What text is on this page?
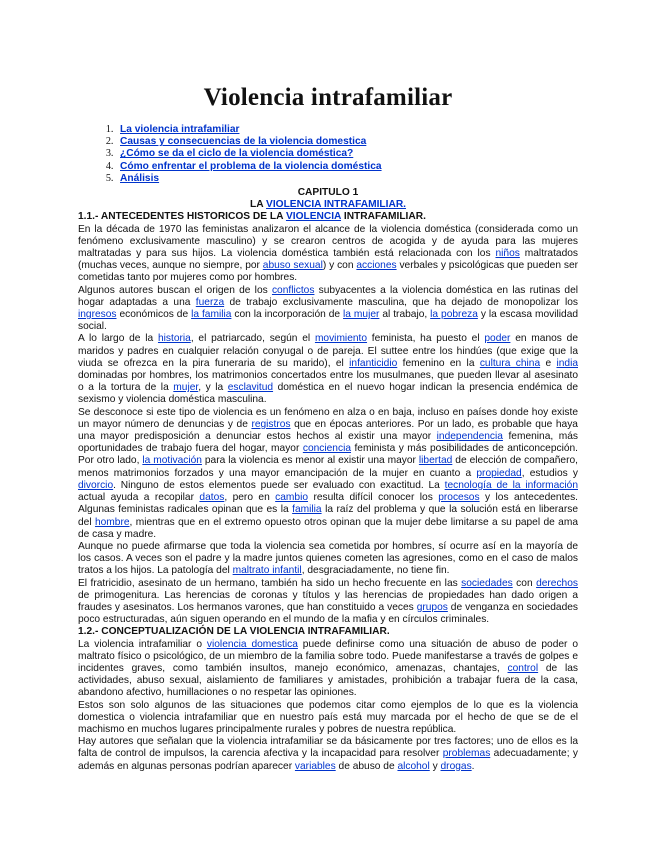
Violencia intrafamiliar
1. La violencia intrafamiliar
2. Causas y consecuencias de la violencia domestica
3. ¿Cómo se da el ciclo de la violencia doméstica?
4. Cómo enfrentar el problema de la violencia doméstica
5. Análisis
CAPITULO 1
LA VIOLENCIA INTRAFAMILIAR.
1.1.- ANTECEDENTES HISTORICOS DE LA VIOLENCIA INTRAFAMILIAR.

En la década de 1970 las feministas analizaron el alcance de la violencia doméstica (considerada como un fenómeno exclusivamente masculino) y se crearon centros de acogida y de ayuda para las mujeres maltratadas y para sus hijos. La violencia doméstica también está relacionada con los niños maltratados (muchas veces, aunque no siempre, por abuso sexual) y con acciones verbales y psicológicas que pueden ser cometidas tanto por mujeres como por hombres.

Algunos autores buscan el origen de los conflictos subyacentes a la violencia doméstica en las rutinas del hogar adaptadas a una fuerza de trabajo exclusivamente masculina, que ha dejado de monopolizar los ingresos económicos de la familia con la incorporación de la mujer al trabajo, la pobreza y la escasa movilidad social.

A lo largo de la historia, el patriarcado, según el movimiento feminista, ha puesto el poder en manos de maridos y padres en cualquier relación conyugal o de pareja. El suttee entre los hindúes (que exige que la viuda se ofrezca en la pira funeraria de su marido), el infanticidio femenino en la cultura china e india dominadas por hombres, los matrimonios concertados entre los musulmanes, que pueden llevar al asesinato o a la tortura de la mujer, y la esclavitud doméstica en el nuevo hogar indican la presencia endémica de sexismo y violencia doméstica masculina.

Se desconoce si este tipo de violencia es un fenómeno en alza o en baja, incluso en países donde hoy existe un mayor número de denuncias y de registros que en épocas anteriores. Por un lado, es probable que haya una mayor predisposición a denunciar estos hechos al existir una mayor independencia femenina, más oportunidades de trabajo fuera del hogar, mayor conciencia feminista y más posibilidades de anticoncepción. Por otro lado, la motivación para la violencia es menor al existir una mayor libertad de elección de compañero, menos matrimonios forzados y una mayor emancipación de la mujer en cuanto a propiedad, estudios y divorcio. Ninguno de estos elementos puede ser evaluado con exactitud. La tecnología de la información actual ayuda a recopilar datos, pero en cambio resulta difícil conocer los procesos y los antecedentes. Algunas feministas radicales opinan que es la familia la raíz del problema y que la solución está en liberarse del hombre, mientras que en el extremo opuesto otros opinan que la mujer debe limitarse a su papel de ama de casa y madre.

Aunque no puede afirmarse que toda la violencia sea cometida por hombres, sí ocurre así en la mayoría de los casos. A veces son el padre y la madre juntos quienes cometen las agresiones, como en el caso de malos tratos a los hijos. La patología del maltrato infantil, desgraciadamente, no tiene fin.

El fratricidio, asesinato de un hermano, también ha sido un hecho frecuente en las sociedades con derechos de primogenitura. Las herencias de coronas y títulos y las herencias de propiedades han dado origen a fraudes y asesinatos. Los hermanos varones, que han constituido a veces grupos de venganza en sociedades poco estructuradas, aún siguen operando en el mundo de la mafia y en círculos criminales.

1.2.- CONCEPTUALIZACIÓN DE LA VIOLENCIA INTRAFAMILIAR.

La violencia intrafamiliar o violencia domestica puede definirse como una situación de abuso de poder o maltrato físico o psicológico, de un miembro de la familia sobre todo. Puede manifestarse a través de golpes e incidentes graves, como también insultos, manejo económico, amenazas, chantajes, control de las actividades, abuso sexual, aislamiento de familiares y amistades, prohibición a trabajar fuera de la casa, abandono afectivo, humillaciones o no respetar las opiniones.

Estos son solo algunos de las situaciones que podemos citar como ejemplos de lo que es la violencia domestica o violencia intrafamiliar que en nuestro país está muy marcada por el hecho de que se de el machismo en muchos lugares principalmente rurales y pobres de nuestra república.

Hay autores que señalan que la violencia intrafamiliar se da básicamente por tres factores; uno de ellos es la falta de control de impulsos, la carencia afectiva y la incapacidad para resolver problemas adecuadamente; y además en algunas personas podrían aparecer variables de abuso de alcohol y drogas.
